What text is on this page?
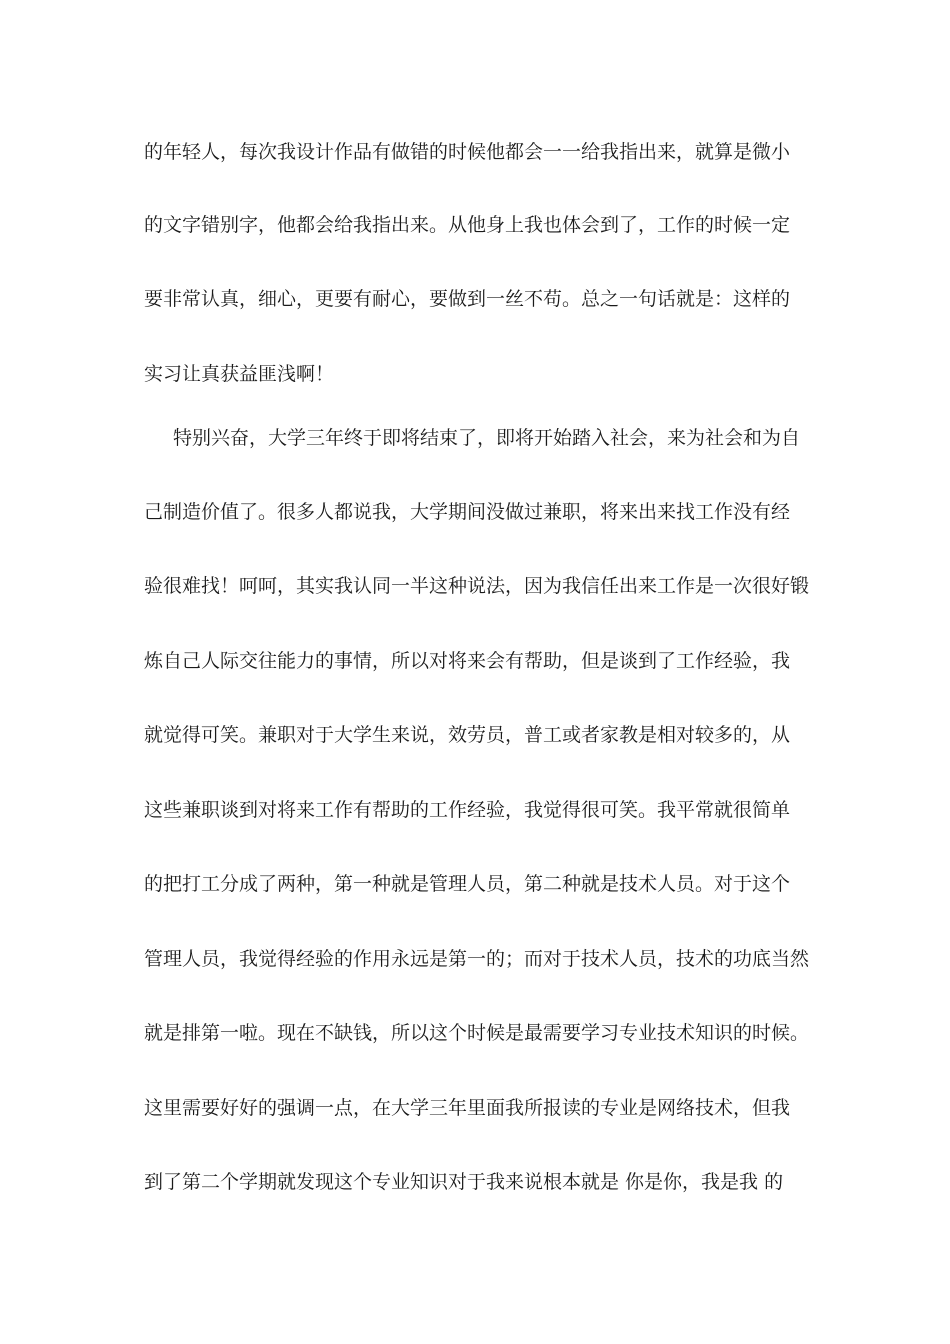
的年轻人，每次我设计作品有做错的时候他都会一一给我指出来，就算是微小
的文字错别字，他都会给我指出来。从他身上我也体会到了，工作的时候一定
要非常认真，细心，更要有耐心，要做到一丝不苟。总之一句话就是：这样的
实习让真获益匪浅啊！
特别兴奋，大学三年终于即将结束了，即将开始踏入社会，来为社会和为自
己制造价值了。很多人都说我，大学期间没做过兼职，将来出来找工作没有经
验很难找！呵呵，其实我认同一半这种说法，因为我信任出来工作是一次很好锻
炼自己人际交往能力的事情，所以对将来会有帮助，但是谈到了工作经验，我
就觉得可笑。兼职对于大学生来说，效劳员，普工或者家教是相对较多的，从
这些兼职谈到对将来工作有帮助的工作经验，我觉得很可笑。我平常就很简单
的把打工分成了两种，第一种就是管理人员，第二种就是技术人员。对于这个
管理人员，我觉得经验的作用永远是第一的；而对于技术人员，技术的功底当然
就是排第一啦。现在不缺钱，所以这个时候是最需要学习专业技术知识的时候。
这里需要好好的强调一点，在大学三年里面我所报读的专业是网络技术，但我
到了第二个学期就发现这个专业知识对于我来说根本就是 你是你，我是我 的
